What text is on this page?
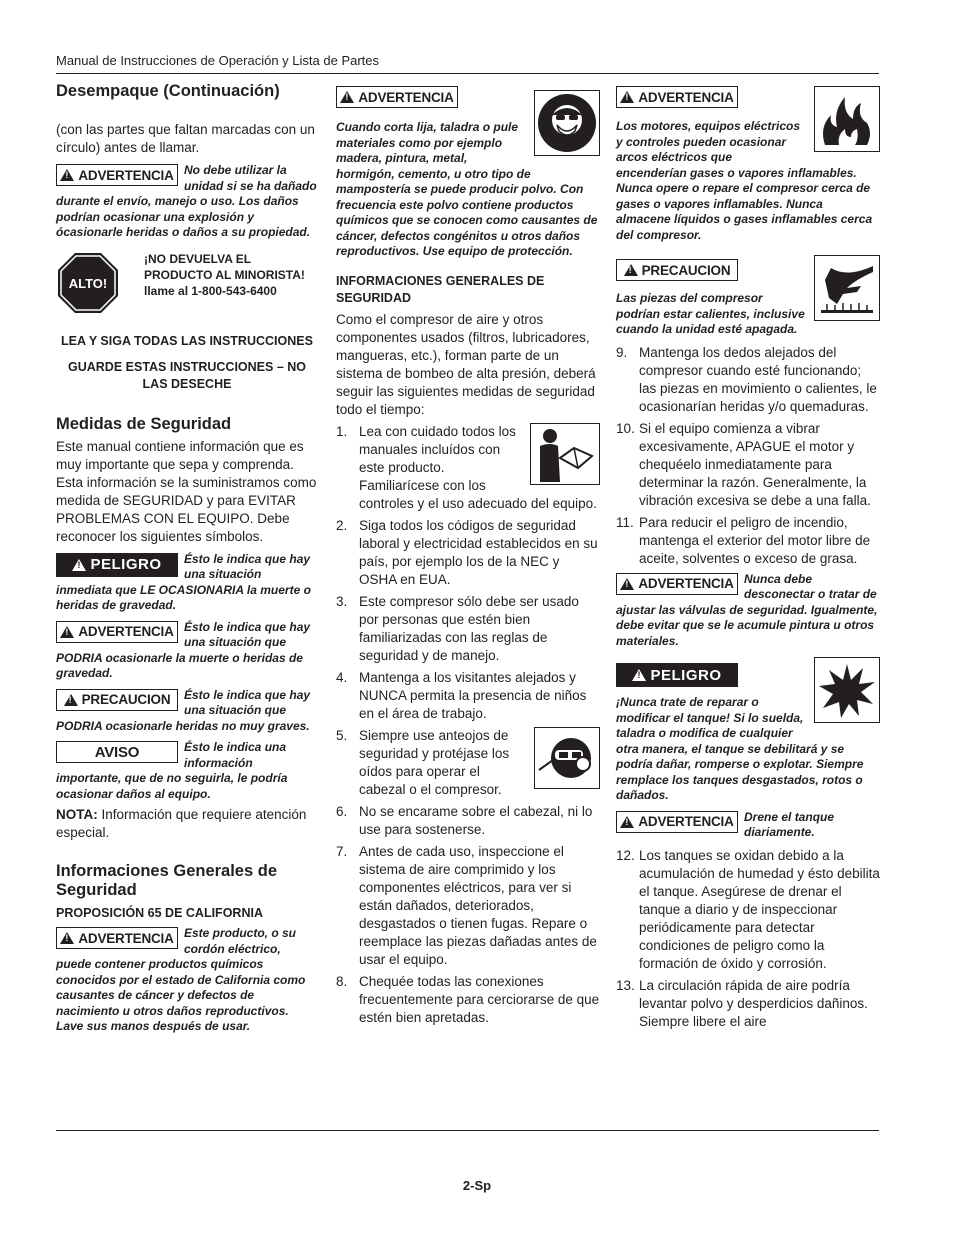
Manual de Instrucciones de Operación y Lista de Partes
Desempaque (Continuación)

(con las partes que faltan marcadas con un círculo) antes de llamar.

!
ADVERTENCIA No debe utilizar la unidad si se ha dañado durante el envío, manejo o uso. Los daños podrían ocasionar una explosión y ócasionarle heridas o daños a su propiedad.

ALTO!
¡NO DEVUELVA EL PRODUCTO AL MINORISTA! llame al 1-800-543-6400
LEA Y SIGA TODAS LAS INSTRUCCIONES
GUARDE ESTAS INSTRUCCIONES – NO LAS DESECHE
Medidas de Seguridad

Este manual contiene información que es muy importante que sepa y comprenda. Esta información se la suministramos como medida de SEGURIDAD y para EVITAR PROBLEMAS CON EL EQUIPO. Debe reconocer los siguientes símbolos.

!
PELIGRO	Ésto le indica que hay una situación inmediata que LE OCASIONARIA la muerte o heridas de gravedad.

!
ADVERTENCIA Ésto le indica que hay una situación que PODRIA ocasionarle la muerte o heridas de gravedad.

!
PRECAUCION	Ésto le indica que hay una situación que PODRIA ocasionarle heridas no muy graves.

AVISO	Ésto le indica una información importante, que de no seguirla, le podría ocasionar daños al equipo.

NOTA: Información que requiere atención especial.

Informaciones Generales de Seguridad
PROPOSICIÓN 65 DE CALIFORNIA
!
ADVERTENCIA Este producto, o su cordón eléctrico, puede contener productos químicos conocidos por el estado de California como causantes de cáncer y defectos de nacimiento u otros daños reproductivos. Lave sus manos después de usar.

!
ADVERTENCIA

Cuando corta lija, taladra o pule materiales como por ejemplo madera, pintura, metal, hormigón, cemento, u otro tipo de mampostería se puede producir polvo. Con frecuencia este polvo contiene productos químicos que se conocen como causantes de cáncer, defectos congénitos u otros daños reproductivos. Use equipo de protección.

INFORMACIONES GENERALES DE SEGURIDAD

Como el compresor de aire y otros componentes usados (filtros, lubricadores, mangueras, etc.), forman parte de un sistema de bombeo de alta presión, deberá seguir las siguientes medidas de seguridad todo el tiempo:

1. Lea con cuidado todos los manuales incluídos con este producto. Familiarícese con los controles y el uso adecuado del equipo.
2. Siga todos los códigos de seguridad laboral y electricidad establecidos en su país, por ejemplo los de la NEC y OSHA en EUA.
3. Este compresor sólo debe ser usado por personas que estén bien familiarizadas con las reglas de seguridad y de manejo.
4. Mantenga a los visitantes alejados y NUNCA permita la presencia de niños en el área de trabajo.
5. Siempre use anteojos de seguridad y protéjase los oídos para operar el cabezal o el compresor.
6. No se encarame sobre el cabezal, ni lo use para sostenerse.
7. Antes de cada uso, inspeccione el sistema de aire comprimido y los componentes eléctricos, para ver si están dañados, deteriorados, desgastados o tienen fugas. Repare o reemplace las piezas dañadas antes de usar el equipo.
8. Chequée todas las conexiones frecuentemente para cerciorarse de que estén bien apretadas.
!
ADVERTENCIA

Los motores, equipos eléctricos y controles pueden ocasionar arcos eléctricos que encenderían gases o vapores inflamables. Nunca opere o repare el compresor cerca de gases o vapores inflamables. Nunca almacene líquidos o gases inflamables cerca del compresor.

!
PRECAUCION

Las piezas del compresor podrían estar calientes, inclusive cuando la unidad esté apagada.

9. Mantenga los dedos alejados del compresor cuando esté funcionando; las piezas en movimiento o calientes, le ocasionarían heridas y/o quemaduras.
10. Si el equipo comienza a vibrar excesivamente, APAGUE el motor y chequéelo inmediatamente para determinar la razón. Generalmente, la vibración excesiva se debe a una falla.
11. Para reducir el peligro de incendio, mantenga el exterior del motor libre de aceite, solventes o exceso de grasa.
!
ADVERTENCIA Nunca debe desconectar o tratar de ajustar las válvulas de seguridad. Igualmente, debe evitar que se le acumule pintura u otros materiales.

!
PELIGRO

¡Nunca trate de reparar o modificar el tanque! Si lo suelda, taladra o modifica de cualquier otra manera, el tanque se debilitará y se podría dañar, romperse o explotar. Siempre remplace los tanques desgastados, rotos o dañados.

!
ADVERTENCIA Drene el tanque diariamente.

12. Los tanques se oxidan debido a la acumulación de humedad y ésto debilita el tanque. Asegúrese de drenar el tanque a diario y de inspeccionar periódicamente para detectar condiciones de peligro como la formación de óxido y corrosión.
13. La circulación rápida de aire podría levantar polvo y desperdicios dañinos. Siempre libere el aire
2-Sp
